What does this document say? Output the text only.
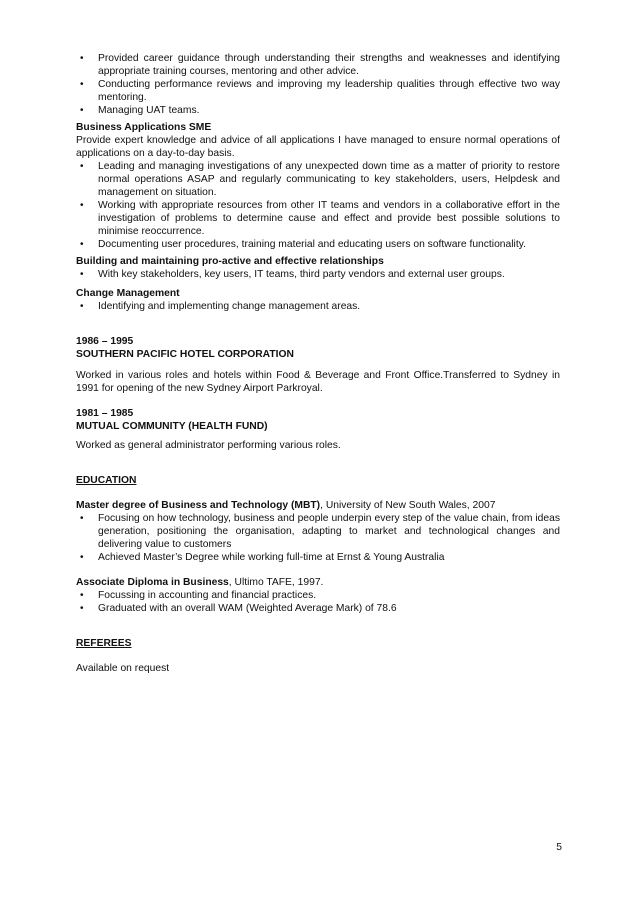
• Provided career guidance through understanding their strengths and weaknesses and identifying appropriate training courses, mentoring and other advice.
• Conducting performance reviews and improving my leadership qualities through effective two way mentoring.
• Managing UAT teams.
Business Applications SME

Provide expert knowledge and advice of all applications I have managed to ensure normal operations of applications on a day-to-day basis.

• Leading and managing investigations of any unexpected down time as a matter of priority to restore normal operations ASAP and regularly communicating to key stakeholders, users, Helpdesk and management on situation.
• Working with appropriate resources from other IT teams and vendors in a collaborative effort in the investigation of problems to determine cause and effect and provide best possible solutions to minimise reoccurrence.
• Documenting user procedures, training material and educating users on software functionality.
Building and maintaining pro-active and effective relationships
• With key stakeholders, key users, IT teams, third party vendors and external user groups.
Change Management
• Identifying and implementing change management areas.
1986 – 1995
SOUTHERN PACIFIC HOTEL CORPORATION

Worked in various roles and hotels within Food & Beverage and Front Office.Transferred to Sydney in 1991 for opening of the new Sydney Airport Parkroyal.

1981 – 1985
MUTUAL COMMUNITY (HEALTH FUND)

Worked as general administrator performing various roles.

EDUCATION
Master degree of Business and Technology (MBT), University of New South Wales, 2007
• Focusing on how technology, business and people underpin every step of the value chain, from ideas generation, positioning the organisation, adapting to market and technological changes and delivering value to customers
• Achieved Master’s Degree while working full-time at Ernst & Young Australia
Associate Diploma in Business, Ultimo TAFE, 1997.
• Focussing in accounting and financial practices.
• Graduated with an overall WAM (Weighted Average Mark) of 78.6
REFEREES

Available on request

5
